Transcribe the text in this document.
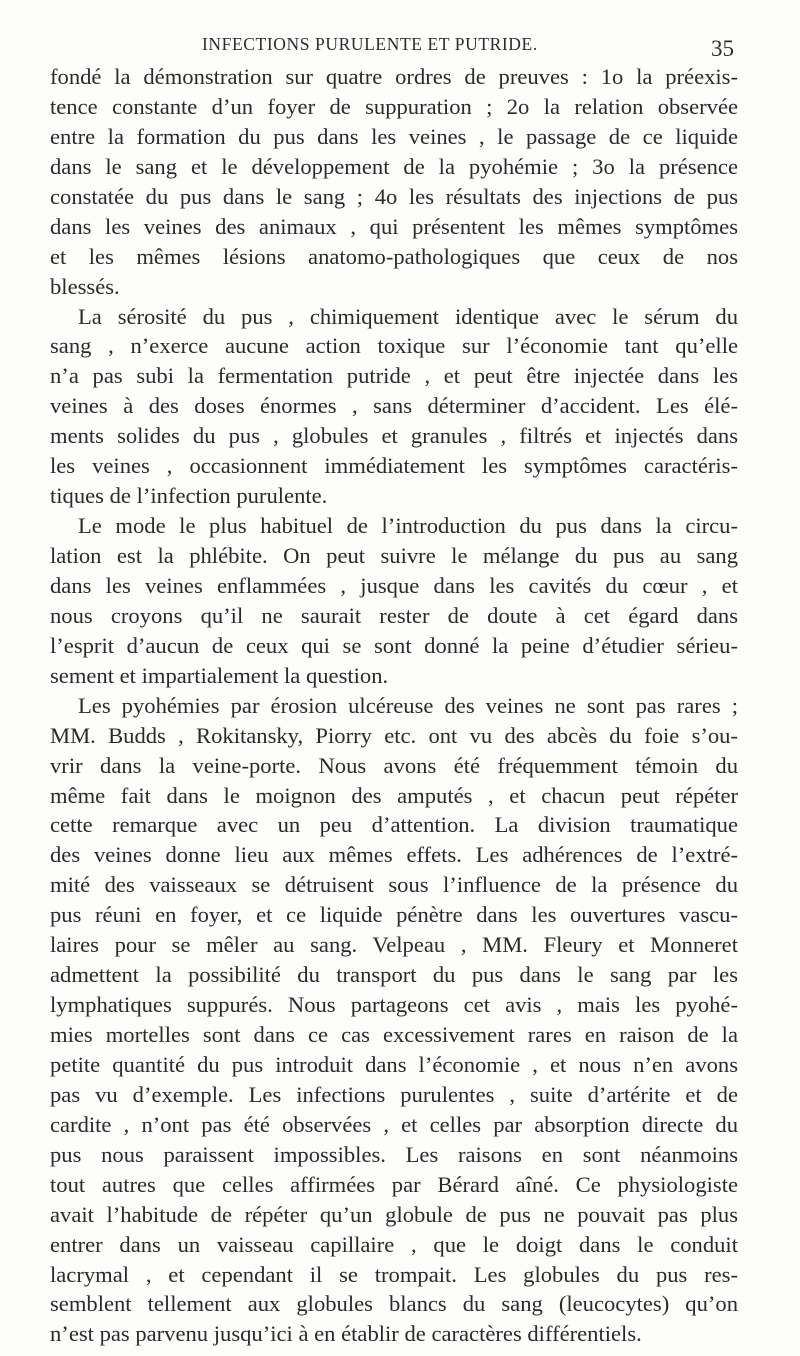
INFECTIONS PURULENTE ET PUTRIDE.	35
fondé la démonstration sur quatre ordres de preuves : 1o la préexis-
tence constante d’un foyer de suppuration ; 2o la relation observée
entre la formation du pus dans les veines , le passage de ce liquide
dans le sang et le développement de la pyohémie ; 3o la présence
constatée du pus dans le sang ; 4o les résultats des injections de pus
dans les veines des animaux , qui présentent les mêmes symptômes
et les mêmes lésions anatomo-pathologiques que ceux de nos
blessés.
La sérosité du pus , chimiquement identique avec le sérum du
sang , n’exerce aucune action toxique sur l’économie tant qu’elle
n’a pas subi la fermentation putride , et peut être injectée dans les
veines à des doses énormes , sans déterminer d’accident. Les élé-
ments solides du pus , globules et granules , filtrés et injectés dans
les veines , occasionnent immédiatement les symptômes caractéris-
tiques de l’infection purulente.
Le mode le plus habituel de l’introduction du pus dans la circu-
lation est la phlébite. On peut suivre le mélange du pus au sang
dans les veines enflammées , jusque dans les cavités du cœur , et
nous croyons qu’il ne saurait rester de doute à cet égard dans
l’esprit d’aucun de ceux qui se sont donné la peine d’étudier sérieu-
sement et impartialement la question.
Les pyohémies par érosion ulcéreuse des veines ne sont pas rares ;
MM. Budds , Rokitansky, Piorry etc. ont vu des abcès du foie s’ou-
vrir dans la veine-porte. Nous avons été fréquemment témoin du
même fait dans le moignon des amputés , et chacun peut répéter
cette remarque avec un peu d’attention. La division traumatique
des veines donne lieu aux mêmes effets. Les adhérences de l’extré-
mité des vaisseaux se détruisent sous l’influence de la présence du
pus réuni en foyer, et ce liquide pénètre dans les ouvertures vascu-
laires pour se mêler au sang. Velpeau , MM. Fleury et Monneret
admettent la possibilité du transport du pus dans le sang par les
lymphatiques suppurés. Nous partageons cet avis , mais les pyohé-
mies mortelles sont dans ce cas excessivement rares en raison de la
petite quantité du pus introduit dans l’économie , et nous n’en avons
pas vu d’exemple. Les infections purulentes , suite d’artérite et de
cardite , n’ont pas été observées , et celles par absorption directe du
pus nous paraissent impossibles. Les raisons en sont néanmoins
tout autres que celles affirmées par Bérard aîné. Ce physiologiste
avait l’habitude de répéter qu’un globule de pus ne pouvait pas plus
entrer dans un vaisseau capillaire , que le doigt dans le conduit
lacrymal , et cependant il se trompait. Les globules du pus res-
semblent tellement aux globules blancs du sang (leucocytes) qu’on
n’est pas parvenu jusqu’ici à en établir de caractères différentiels.
